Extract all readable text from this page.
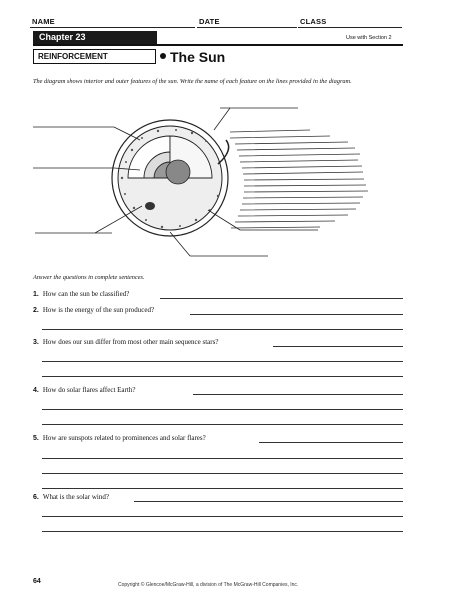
NAME	DATE	CLASS
Chapter 23	Use with Section 2
REINFORCEMENT	The Sun
The diagram shows interior and outer features of the sun. Write the name of each feature on the lines provided in the diagram.
Answer the questions in complete sentences.
1. How can the sun be classified?
2. How is the energy of the sun produced?
3. How does our sun differ from most other main sequence stars?
4. How do solar flares affect Earth?
5. How are sunspots related to prominences and solar flares?
6. What is the solar wind?
64	Copyright © Glencoe/McGraw-Hill, a division of The McGraw-Hill Companies, Inc.
